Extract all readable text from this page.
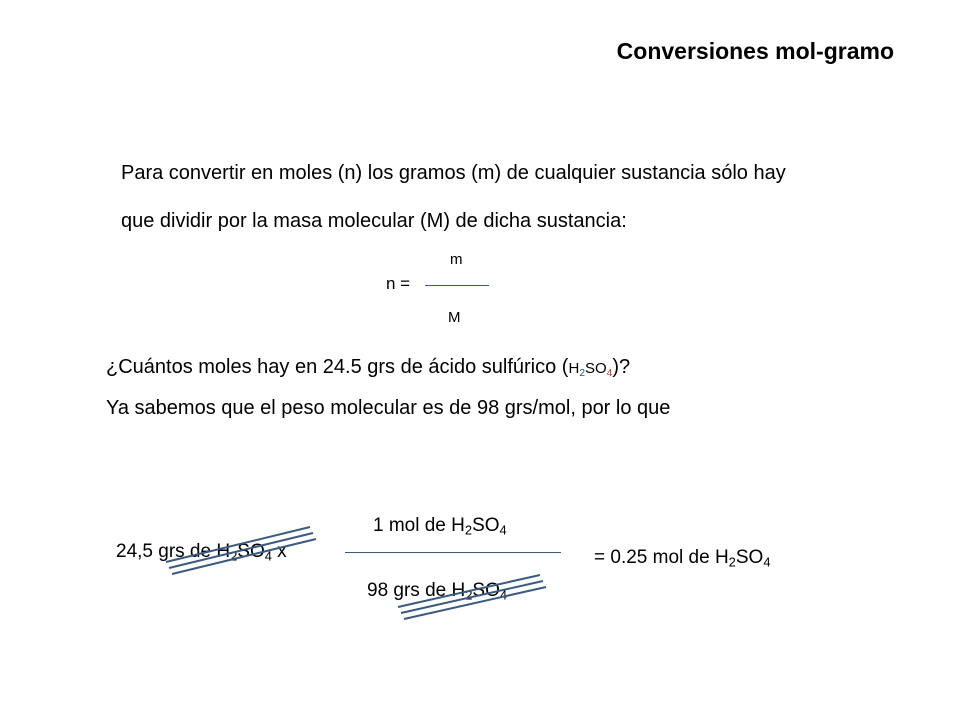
Conversiones mol-gramo
Para convertir en moles (n) los gramos (m) de cualquier sustancia sólo hay
que dividir por la masa molecular (M) de dicha sustancia:
n =
m
M
¿Cuántos moles hay en 24.5 grs de ácido sulfúrico $(H_2SO_4)$?
Ya sabemos que el peso molecular es de 98 grs/mol, por lo que
24,5 grs de $H_2SO_4$ x
1 mol de $H_2SO_4$
98 grs de $H_2SO_4$
= 0.25 mol de $H_2SO_4$
